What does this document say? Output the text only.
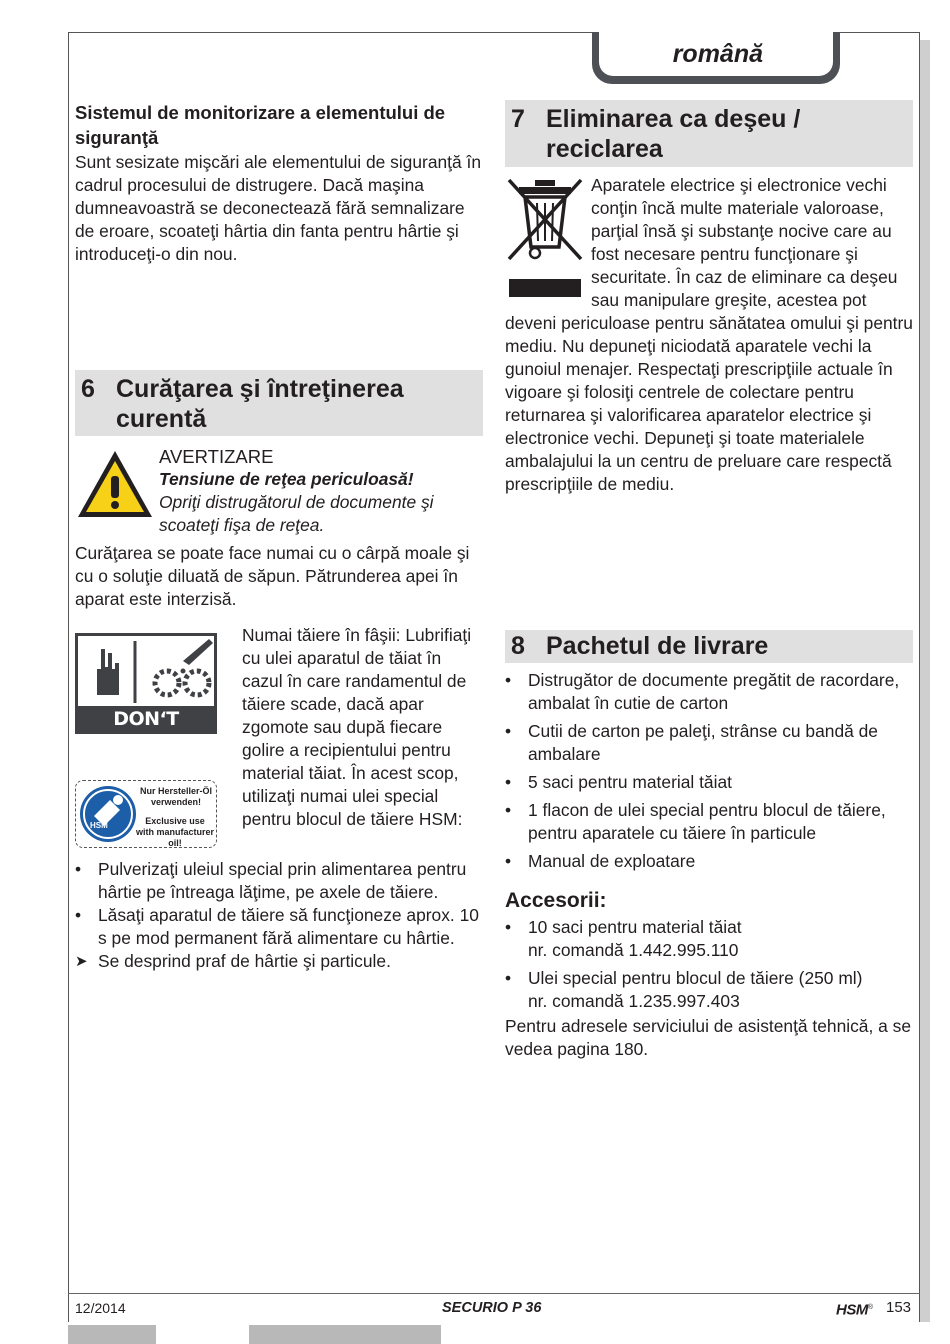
română

Sistemul de monitorizare a elementului de siguranţă

Sunt sesizate mişcări ale elementului de siguranţă în cadrul procesului de distrugere. Dacă maşina dumneavoastră se deconectează fără semnalizare de eroare, scoateţi hârtia din fanta pentru hârtie şi introduceţi-o din nou.

6 Curăţarea şi întreţinerea curentă

AVERTIZARE

Tensiune de reţea periculoasă!

Opriţi distrugătorul de documente şi scoateţi fişa de reţea.

Curăţarea se poate face numai cu o cârpă moale şi cu o soluţie diluată de săpun. Pătrunderea apei în aparat este interzisă.
DON‘T FORGET
HSM
Nur Hersteller-Öl verwenden!
Exclusive use with manufacturer oil!
Numai tăiere în fâşii: Lubrifiaţi cu ulei aparatul de tăiat în cazul în care randamentul de tăiere scade, dacă apar zgomote sau după fiecare golire a recipientului pentru material tăiat. În acest scop, utilizaţi numai ulei special pentru blocul de tăiere HSM:
• Pulverizaţi uleiul special prin alimentarea pentru hârtie pe întreaga lăţime, pe axele de tăiere.
• Lăsaţi aparatul de tăiere să funcţioneze aprox. 10 s pe mod permanent fără alimentare cu hârtie.
➤ Se desprind praf de hârtie şi particule.
7 Eliminarea ca deşeu / reciclarea

Aparatele electrice şi electronice vechi conţin încă multe materiale valoroase, parţial însă şi substanţe nocive care au fost necesare pentru funcţionare şi securitate. În caz de eliminare ca deşeu sau manipulare greşite, acestea pot deveni periculoase pentru sănătatea omului şi pentru mediu. Nu depuneţi niciodată aparatele vechi la gunoiul menajer. Respectaţi prescripţiile actuale în vigoare şi folosiţi centrele de colectare pentru returnarea şi valorificarea aparatelor electrice şi electronice vechi. Depuneţi şi toate materialele ambalajului la un centru de preluare care respectă prescripţiile de mediu.

8 Pachetul de livrare
• Distrugător de documente pregătit de racordare, ambalat în cutie de carton
• Cutii de carton pe paleţi, strânse cu bandă de ambalare
• 5 saci pentru material tăiat
• 1 flacon de ulei special pentru blocul de tăiere, pentru aparatele cu tăiere în particule
• Manual de exploatare

Accesorii:

• 10 saci pentru material tăiat
nr. comandă 1.442.995.110
• Ulei special pentru blocul de tăiere (250 ml)
nr. comandă 1.235.997.403

Pentru adresele serviciului de asistenţă tehnică, a se vedea pagina 180.

12/2014	SECURIO P 36	HSM® 153
